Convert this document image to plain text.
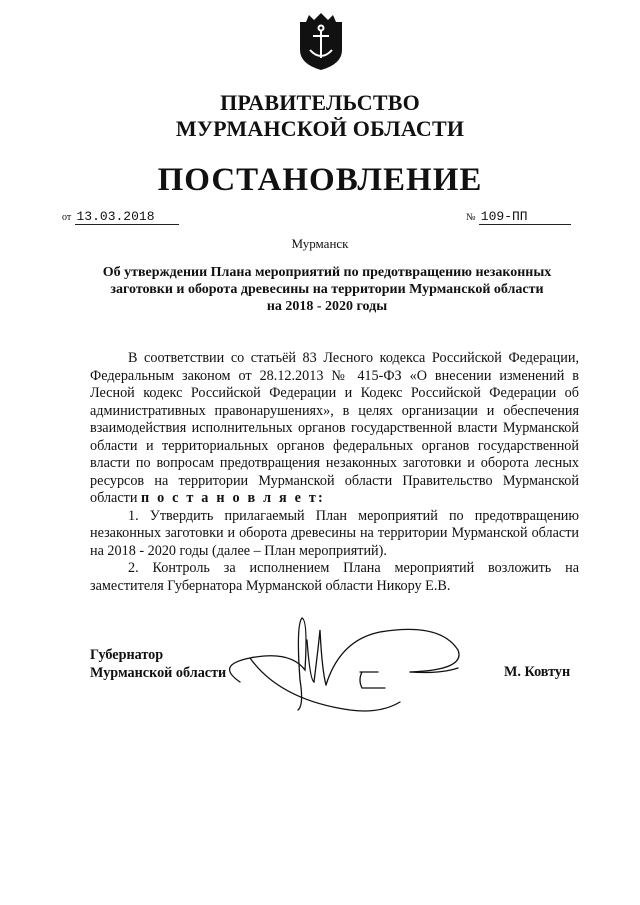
ПРАВИТЕЛЬСТВО
МУРМАНСКОЙ ОБЛАСТИ
ПОСТАНОВЛЕНИЕ
от 13.03.2018	№ 109-ПП
Мурманск
Об утверждении Плана мероприятий по предотвращению незаконных
заготовки и оборота древесины на территории Мурманской области
на 2018 - 2020 годы

В соответствии со статьёй 83 Лесного кодекса Российской Федерации, Федеральным законом от 28.12.2013 № 415-ФЗ «О внесении изменений в Лесной кодекс Российской Федерации и Кодекс Российской Федерации об административных правонарушениях», в целях организации и обеспечения взаимодействия исполнительных органов государственной власти Мурманской области и территориальных органов федеральных органов государственной власти по вопросам предотвращения незаконных заготовки и оборота лесных ресурсов на территории Мурманской области Правительство Мурманской области п о с т а н о в л я е т:

1. Утвердить прилагаемый План мероприятий по предотвращению незаконных заготовки и оборота древесины на территории Мурманской области на 2018 - 2020 годы (далее – План мероприятий).

2. Контроль за исполнением Плана мероприятий возложить на заместителя Губернатора Мурманской области Никору Е.В.

Губернатор
Мурманской области	М. Ковтун
